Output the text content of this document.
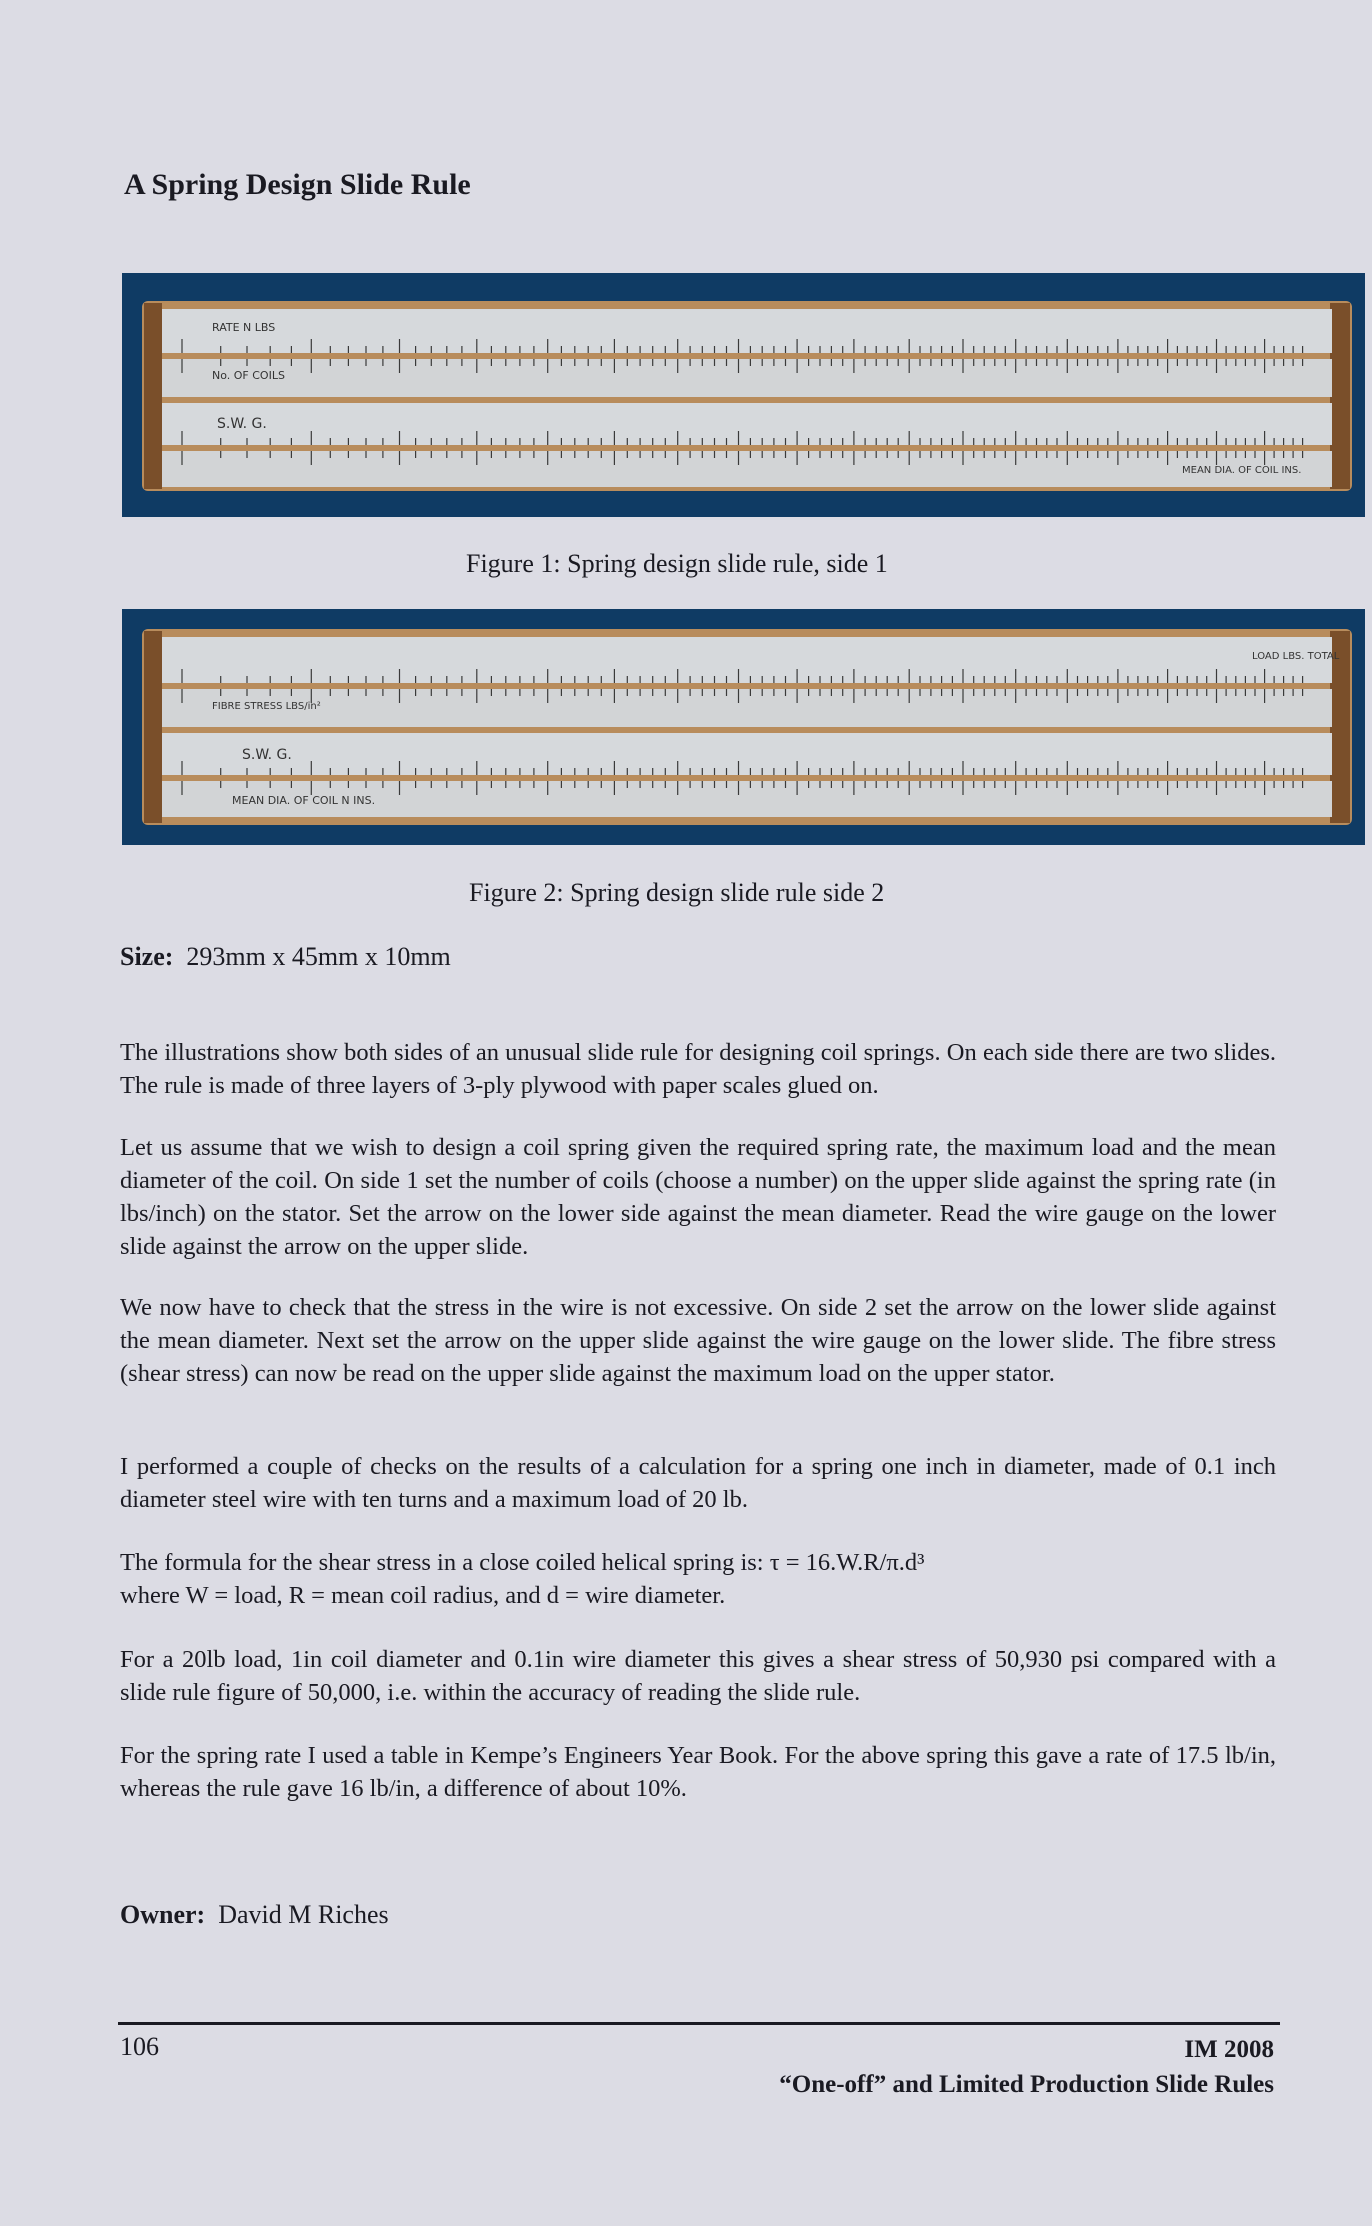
A Spring Design Slide Rule
RATE N LBS
No. OF COILS
S.W. G.
MEAN DIA. OF COIL INS.
Figure 1: Spring design slide rule, side 1
LOAD LBS. TOTAL
FIBRE STRESS LBS/in²
S.W. G.
MEAN DIA. OF COIL N INS.
Figure 2: Spring design slide rule side 2
Size: 293mm x 45mm x 10mm
The illustrations show both sides of an unusual slide rule for designing coil springs. On each side there are two slides. The rule is made of three layers of 3-ply plywood with paper scales glued on.
Let us assume that we wish to design a coil spring given the required spring rate, the maximum load and the mean diameter of the coil. On side 1 set the number of coils (choose a number) on the upper slide against the spring rate (in lbs/inch) on the stator. Set the arrow on the lower side against the mean diameter. Read the wire gauge on the lower slide against the arrow on the upper slide.
We now have to check that the stress in the wire is not excessive. On side 2 set the arrow on the lower slide against the mean diameter. Next set the arrow on the upper slide against the wire gauge on the lower slide. The fibre stress (shear stress) can now be read on the upper slide against the maximum load on the upper stator.
I performed a couple of checks on the results of a calculation for a spring one inch in diameter, made of 0.1 inch diameter steel wire with ten turns and a maximum load of 20 lb.
The formula for the shear stress in a close coiled helical spring is: τ = 16.W.R/π.d³
where W = load, R = mean coil radius, and d = wire diameter.
For a 20lb load, 1in coil diameter and 0.1in wire diameter this gives a shear stress of 50,930 psi compared with a slide rule figure of 50,000, i.e. within the accuracy of reading the slide rule.
For the spring rate I used a table in Kempe’s Engineers Year Book. For the above spring this gave a rate of 17.5 lb/in, whereas the rule gave 16 lb/in, a difference of about 10%.
Owner: David M Riches
106	IM 2008
“One-off” and Limited Production Slide Rules
